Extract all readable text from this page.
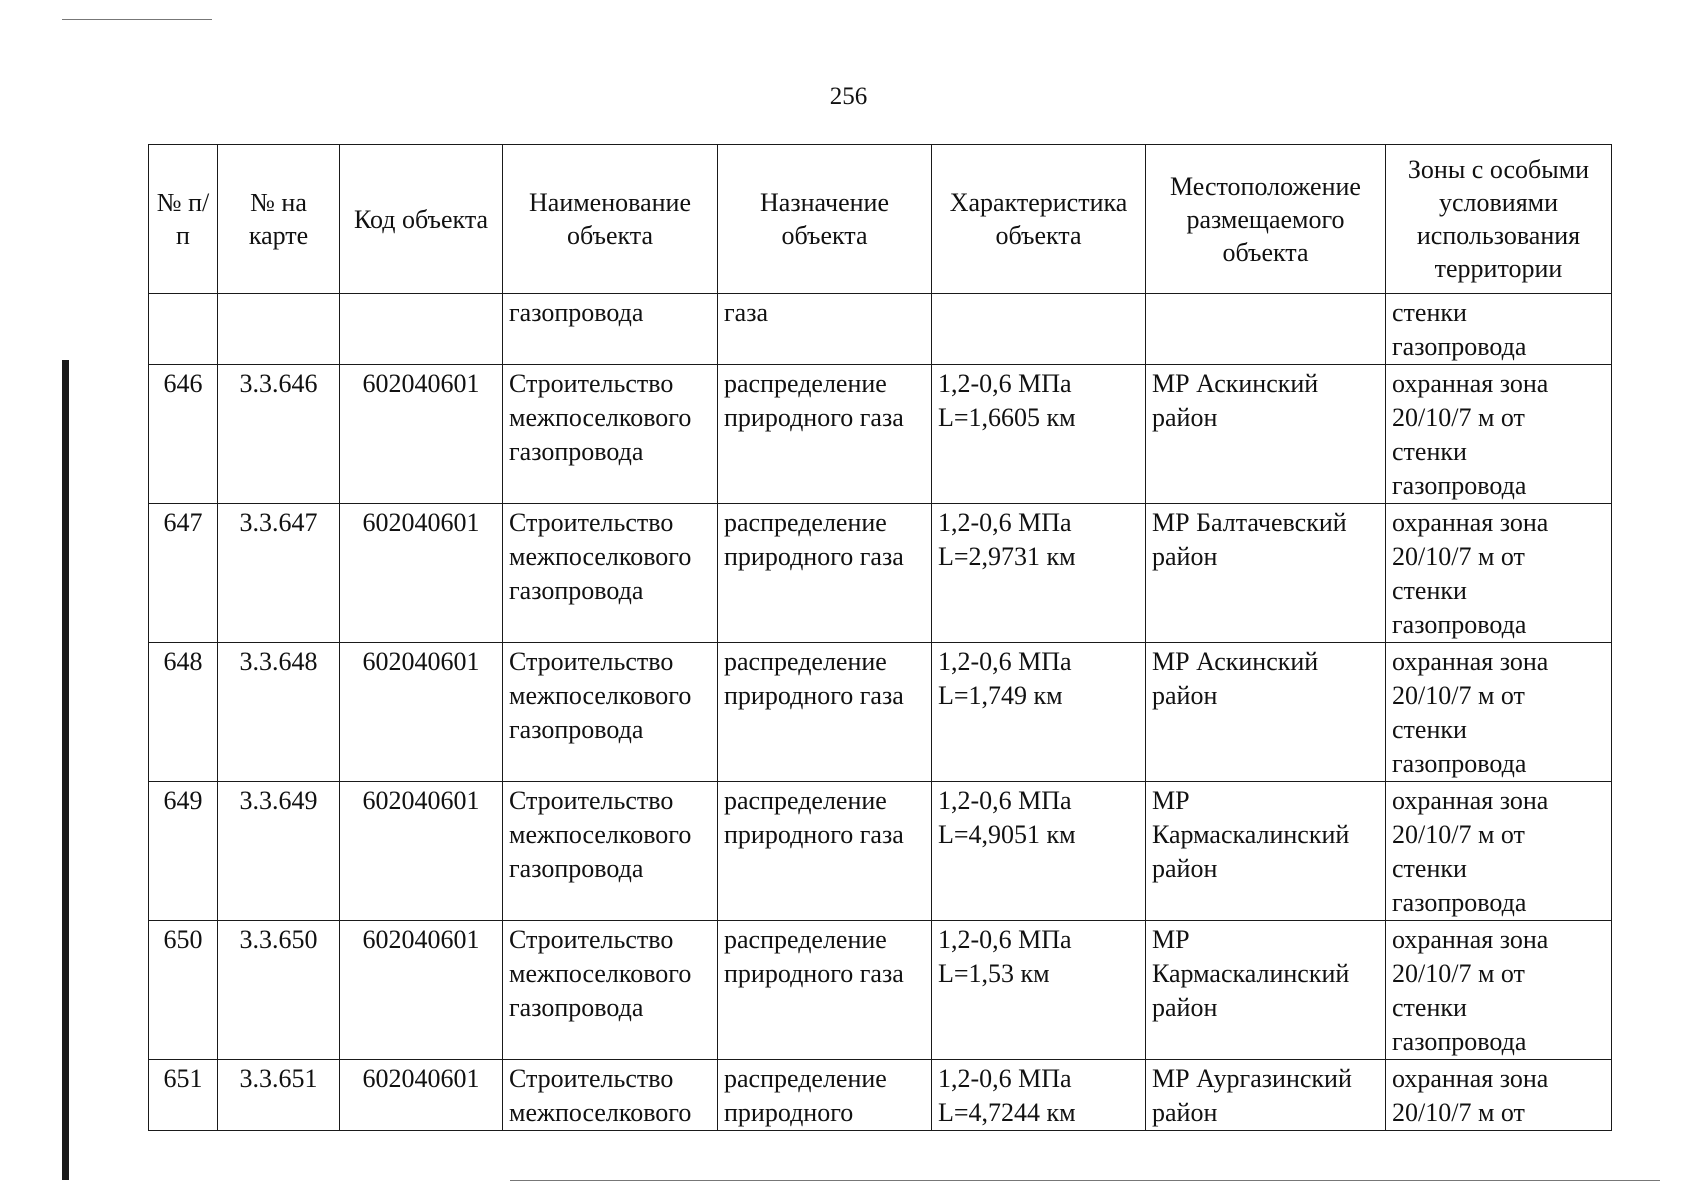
256
№ п/п	№ на карте	Код объекта	Наименование объекта	Назначение объекта	Характеристика объекта	Местоположение размещаемого объекта	Зоны с особыми условиями использования территории
			газопровода	газа			стенки газопровода
646	3.3.646	602040601	Строительство межпоселкового газопровода	распределение природного газа	1,2-0,6 МПа L=1,6605 км	МР Аскинский район	охранная зона 20/10/7 м от стенки газопровода
647	3.3.647	602040601	Строительство межпоселкового газопровода	распределение природного газа	1,2-0,6 МПа L=2,9731 км	МР Балтачевский район	охранная зона 20/10/7 м от стенки газопровода
648	3.3.648	602040601	Строительство межпоселкового газопровода	распределение природного газа	1,2-0,6 МПа L=1,749 км	МР Аскинский район	охранная зона 20/10/7 м от стенки газопровода
649	3.3.649	602040601	Строительство межпоселкового газопровода	распределение природного газа	1,2-0,6 МПа L=4,9051 км	МР Кармаскалинский район	охранная зона 20/10/7 м от стенки газопровода
650	3.3.650	602040601	Строительство межпоселкового газопровода	распределение природного газа	1,2-0,6 МПа L=1,53 км	МР Кармаскалинский район	охранная зона 20/10/7 м от стенки газопровода
651	3.3.651	602040601	Строительство межпоселкового	распределение природного	1,2-0,6 МПа L=4,7244 км	МР Аургазинский район	охранная зона 20/10/7 м от
